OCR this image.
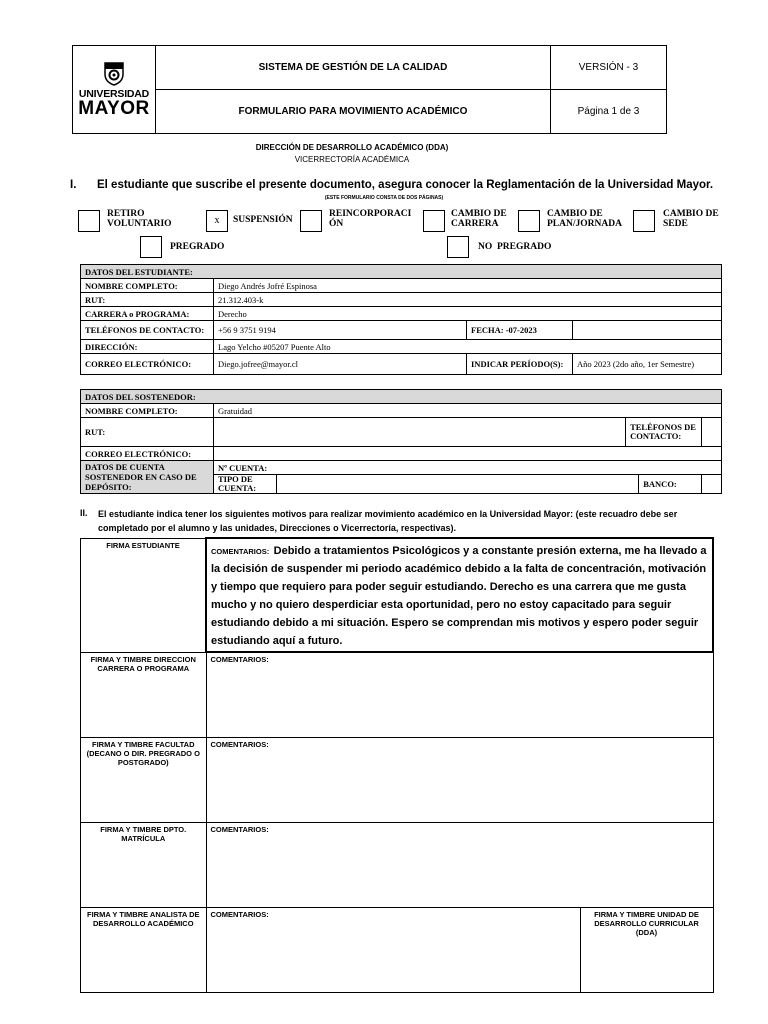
UNIVERSIDAD
MAYOR	SISTEMA DE GESTIÓN DE LA CALIDAD	VERSIÓN - 3
	FORMULARIO PARA MOVIMIENTO ACADÉMICO	Página 1 de 3
DIRECCIÓN DE DESARROLLO ACADÉMICO (DDA)
VICERRECTORÍA ACADÉMICA
I. El estudiante que suscribe el presente documento, asegura conocer la Reglamentación de la Universidad Mayor.
(ESTE FORMULARIO CONSTA DE DOS PÁGINAS)
RETIRO VOLUNTARIO	x	SUSPENSIÓN
REINCORPORACIÓN
CAMBIO DE CARRERA
CAMBIO DE PLAN/JORNADA
CAMBIO DE SEDE
PREGRADO	NO  PREGRADO
DATOS DEL ESTUDIANTE:			
NOMBRE COMPLETO:	Diego Andrés Jofré Espinosa		
RUT:	21.312.403-k		
CARRERA o PROGRAMA:	Derecho		
TELÉFONOS DE CONTACTO:	+56 9 3751 9194	FECHA: -07-2023	
DIRECCIÓN:	Lago Yelcho #05207 Puente Alto		
CORREO ELECTRÓNICO:	Diego.jofree@mayor.cl	INDICAR PERÍODO(S):	Año 2023 (2do año, 1er Semestre)
DATOS DEL SOSTENEDOR:					
NOMBRE COMPLETO:	Gratuidad				
RUT:			TELÉFONOS DE CONTACTO:		
CORREO ELECTRÓNICO:					
DATOS DE CUENTA SOSTENEDOR EN CASO DE DEPÓSITO:	Nº CUENTA:				
	TIPO DE CUENTA:			BANCO:	
II. El estudiante indica tener los siguientes motivos para realizar movimiento académico en la Universidad Mayor: (este recuadro debe ser completado por el alumno y las unidades, Direcciones o Vicerrectoría, respectivas).
FIRMA ESTUDIANTE	COMENTARIOS: Debido a tratamientos Psicológicos y a constante presión externa, me ha llevado a la decisión de suspender mi periodo académico debido a la falta de concentración, motivación y tiempo que requiero para poder seguir estudiando. Derecho es una carrera que me gusta mucho y no quiero desperdiciar esta oportunidad, pero no estoy capacitado para seguir estudiando debido a mi situación. Espero se comprendan mis motivos y espero poder seguir estudiando aquí a futuro.	
FIRMA Y TIMBRE DIRECCION CARRERA O PROGRAMA	COMENTARIOS:	
FIRMA Y TIMBRE FACULTAD (DECANO O DIR. PREGRADO O POSTGRADO)	COMENTARIOS:	
FIRMA Y TIMBRE DPTO. MATRÍCULA	COMENTARIOS:	
FIRMA Y TIMBRE ANALISTA DE DESARROLLO ACADÉMICO	COMENTARIOS:	FIRMA Y TIMBRE UNIDAD DE DESARROLLO CURRICULAR (DDA)
